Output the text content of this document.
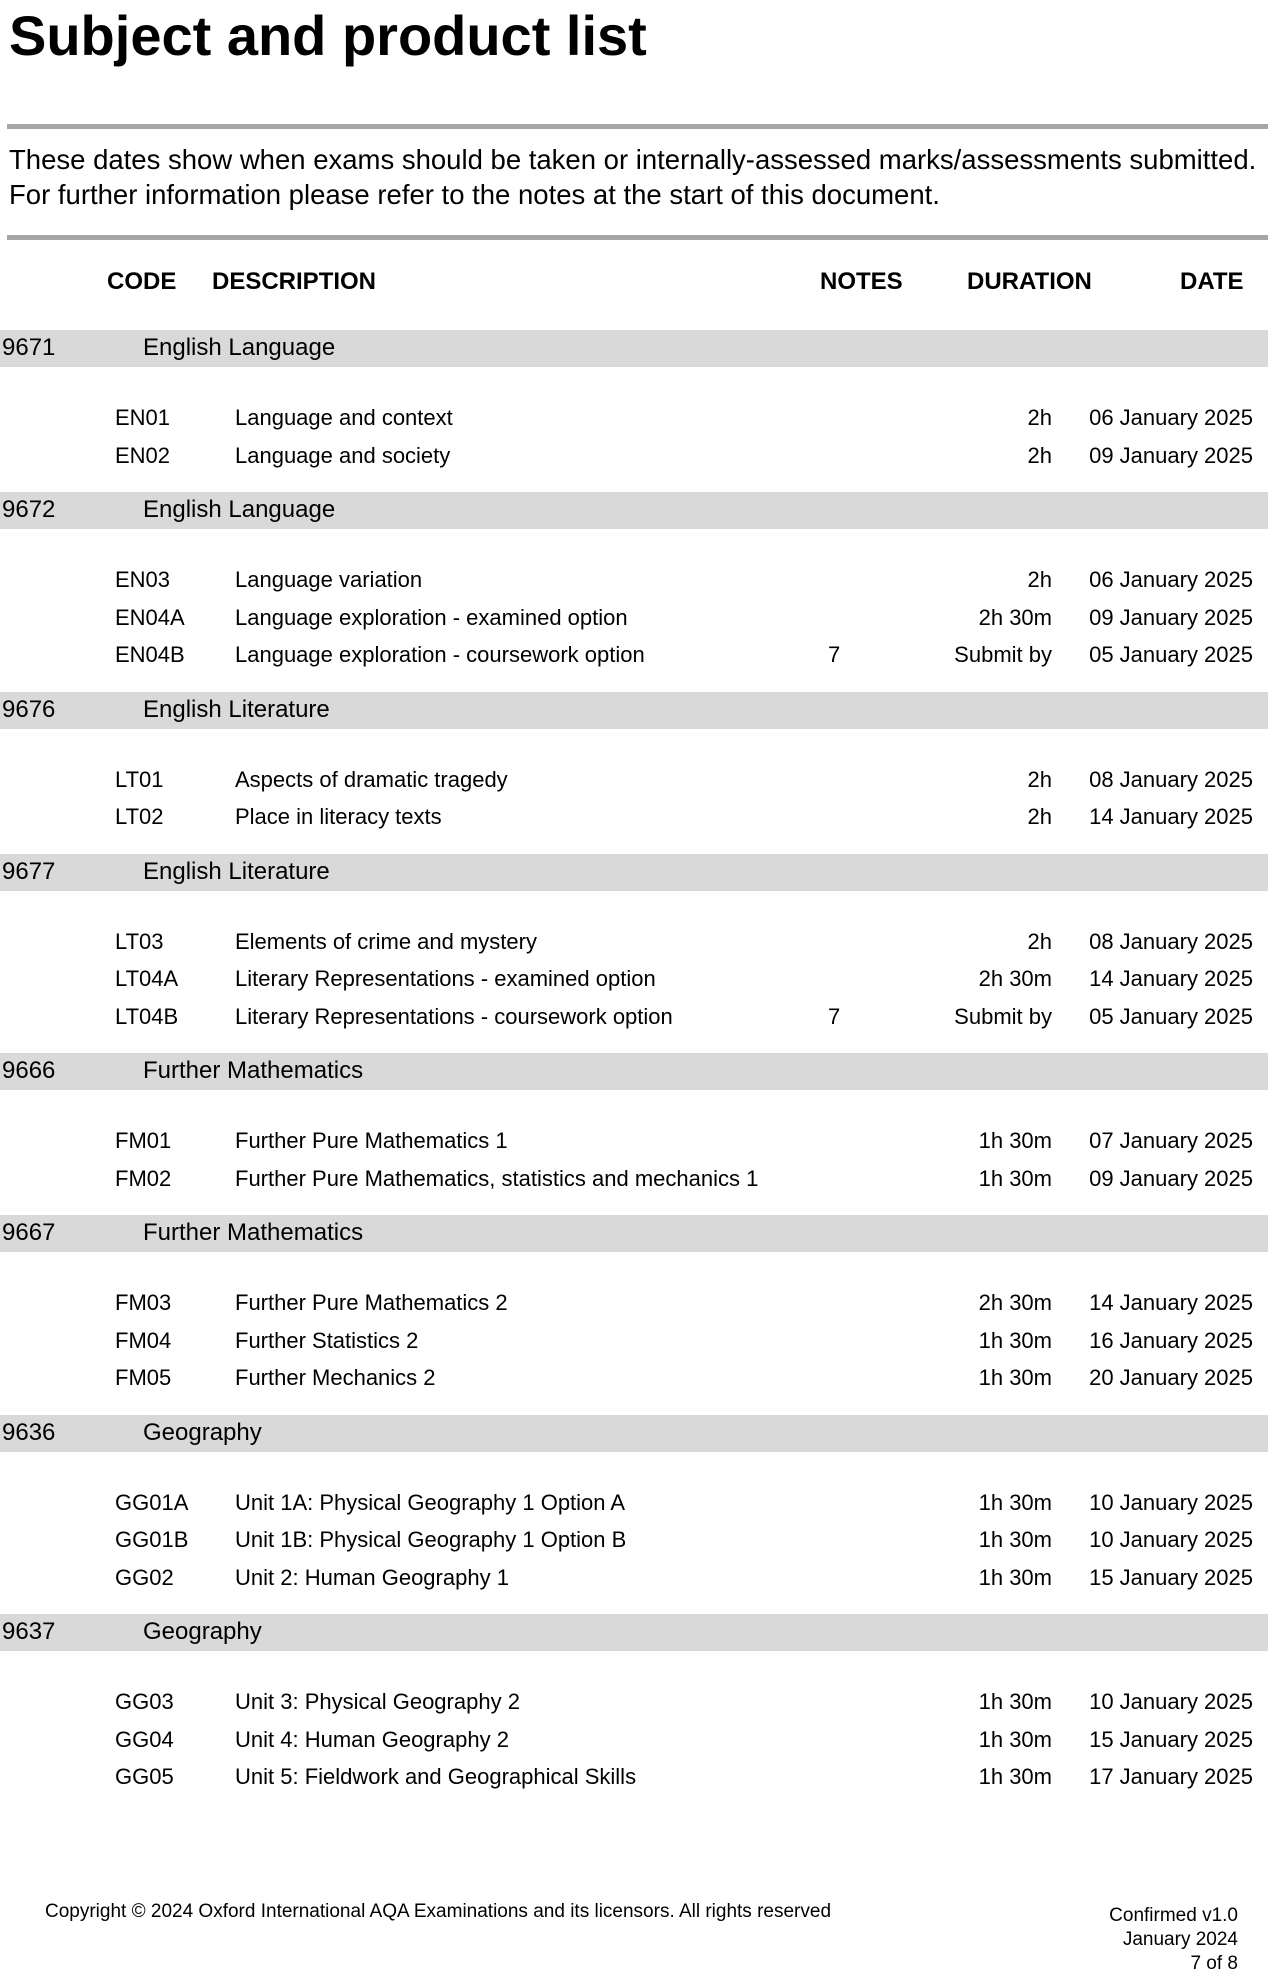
Subject and product list

These dates show when exams should be taken or internally-assessed marks/assessments submitted. For further information please refer to the notes at the start of this document.

CODE DESCRIPTION	NOTES	DURATION	DATE
9671	English Language
EN01	Language and context	2h 06 January 2025
EN02	Language and society	2h 09 January 2025
9672	English Language
EN03	Language variation	2h 06 January 2025
EN04A Language exploration - examined option	2h 30m 09 January 2025
EN04B Language exploration - coursework option	7	Submit by 05 January 2025
9676	English Literature
LT01	Aspects of dramatic tragedy	2h 08 January 2025
LT02	Place in literacy texts	2h 14 January 2025
9677	English Literature
LT03	Elements of crime and mystery	2h 08 January 2025
LT04A	Literary Representations - examined option	2h 30m 14 January 2025
LT04B	Literary Representations - coursework option	7	Submit by 05 January 2025
9666	Further Mathematics
FM01	Further Pure Mathematics 1	1h 30m 07 January 2025
FM02	Further Pure Mathematics, statistics and mechanics 1	1h 30m 09 January 2025
9667	Further Mathematics
FM03	Further Pure Mathematics 2	2h 30m 14 January 2025
FM04	Further Statistics 2	1h 30m 16 January 2025
FM05	Further Mechanics 2	1h 30m 20 January 2025
9636	Geography
GG01A Unit 1A: Physical Geography 1 Option A	1h 30m 10 January 2025
GG01B Unit 1B: Physical Geography 1 Option B	1h 30m 10 January 2025
GG02	Unit 2: Human Geography 1	1h 30m 15 January 2025
9637	Geography
GG03	Unit 3: Physical Geography 2	1h 30m 10 January 2025
GG04	Unit 4: Human Geography 2	1h 30m 15 January 2025
GG05	Unit 5: Fieldwork and Geographical Skills	1h 30m 17 January 2025
Copyright © 2024 Oxford International AQA Examinations and its licensors. All rights reserved	Confirmed v1.0
January 2024
7 of 8
